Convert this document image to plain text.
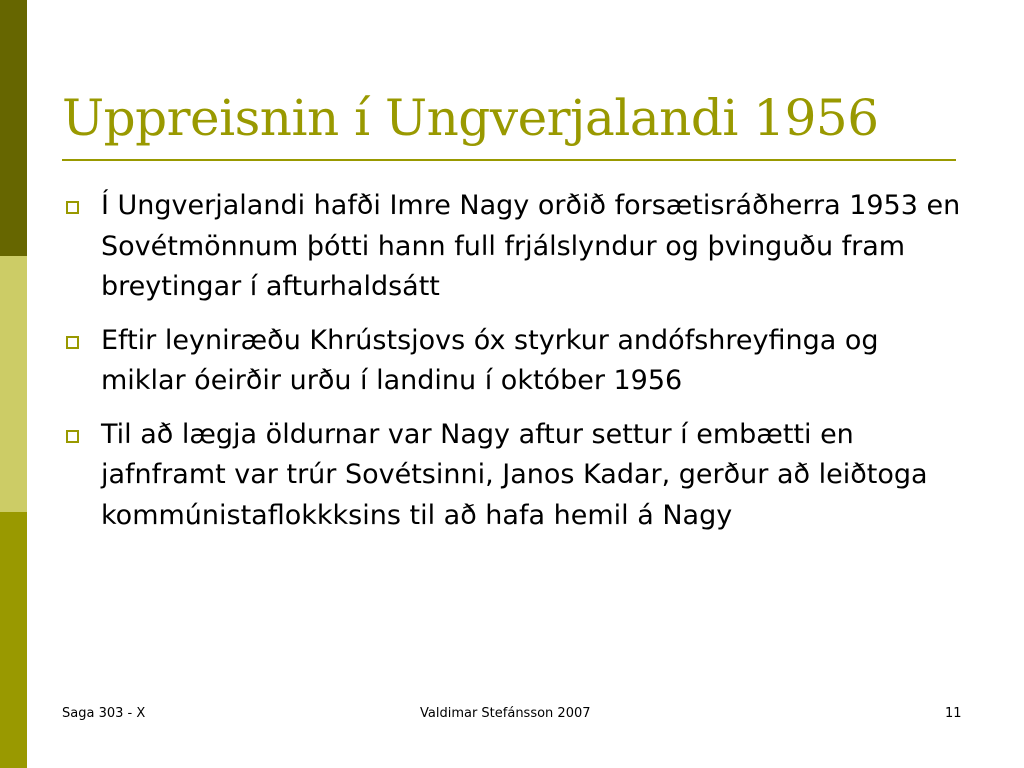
Uppreisnin í Ungverjalandi 1956
Í Ungverjalandi hafði Imre Nagy orðið forsætisráðherra 1953 en Sovétmönnum þótti hann full frjálslyndur og þvinguðu fram breytingar í afturhaldsátt
Eftir leyniræðu Khrústsjovs óx styrkur andófshreyfinga og miklar óeirðir urðu í landinu í október 1956
Til að lægja öldurnar var Nagy aftur settur í embætti en jafnframt var trúr Sovétsinni, Janos Kadar, gerður að leiðtoga kommúnistaflokkksins til að hafa hemil á Nagy
Saga 303 - X	Valdimar Stefánsson 2007	11
